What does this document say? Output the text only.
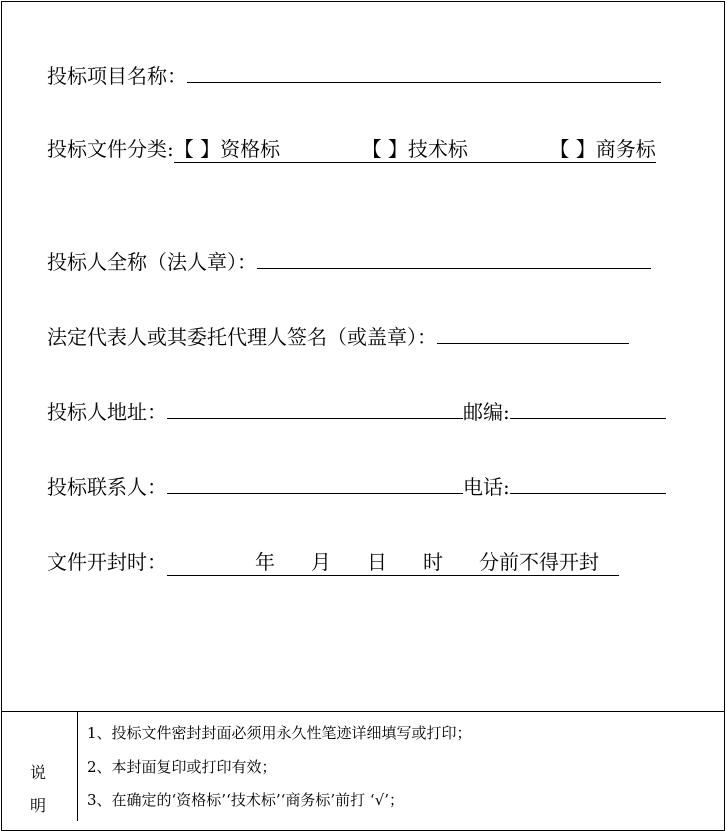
投标项目名称：
投标文件分类: 【 】资格标	【 】技术标	【 】商务标
投标人全称（法人章）：
法定代表人或其委托代理人签名（或盖章）：
投标人地址：	邮编:
投标联系人：	电话:
文件开封时：	年 月 日 时 分前不得开封
说
明
1、投标文件密封封面必须用永久性笔迹详细填写或打印；
2、本封面复印或打印有效；
3、在确定的‘资格标’‘技术标’‘商务标’前打 ‘√’；
